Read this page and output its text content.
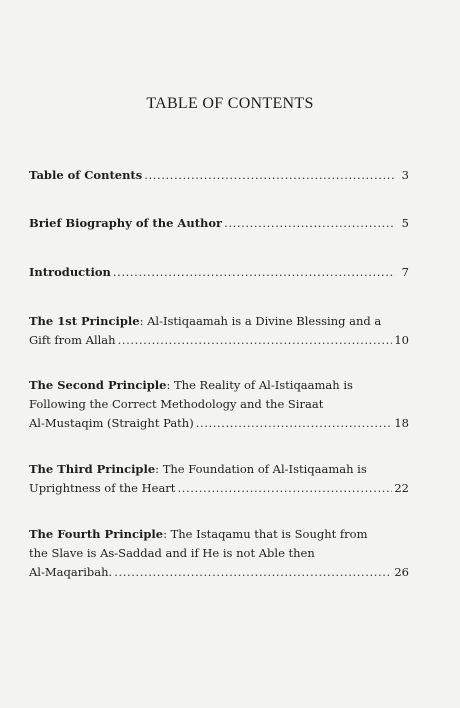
TABLE OF CONTENTS
Table of Contents .....	3
Brief Biography of the Author .....	5
Introduction .....	7
The 1st Principle : Al-Istiqaamah is a Divine Blessing and a
Gift from Allah .....	10
The Second Principle : The Reality of Al-Istiqaamah is
Following the Correct Methodology and the Siraat
Al-Mustaqim (Straight Path) .....	18
The Third Principle : The Foundation of Al-Istiqaamah is
Uprightness of the Heart .....	22
The Fourth Principle : The Istaqamu that is Sought from
the Slave is As-Saddad and if He is not Able then
Al-Maqaribah. .....	26
